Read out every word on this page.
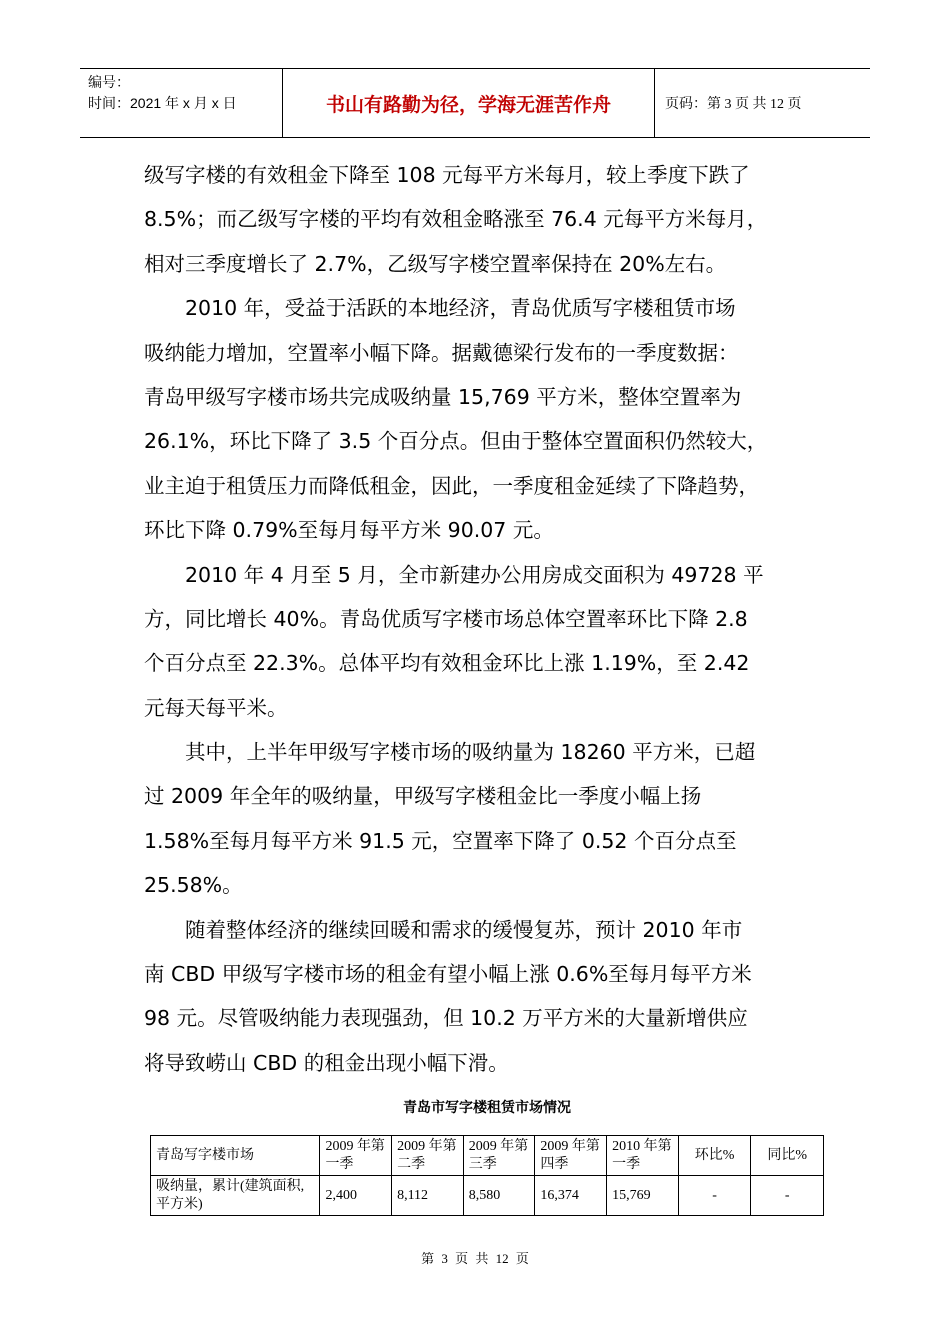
编号：
时间：2021 年 x 月 x 日	书山有路勤为径，学海无涯苦作舟	页码：第 3 页 共 12 页
级写字楼的有效租金下降至 108 元每平方米每月，较上季度下跌了
8.5%；而乙级写字楼的平均有效租金略涨至 76.4 元每平方米每月，
相对三季度增长了 2.7%，乙级写字楼空置率保持在 20%左右。
　　2010 年，受益于活跃的本地经济，青岛优质写字楼租赁市场
吸纳能力增加，空置率小幅下降。据戴德梁行发布的一季度数据：
青岛甲级写字楼市场共完成吸纳量 15,769 平方米，整体空置率为
26.1%，环比下降了 3.5 个百分点。但由于整体空置面积仍然较大，
业主迫于租赁压力而降低租金，因此，一季度租金延续了下降趋势，
环比下降 0.79%至每月每平方米 90.07 元。
　　2010 年 4 月至 5 月，全市新建办公用房成交面积为 49728 平
方，同比增长 40%。青岛优质写字楼市场总体空置率环比下降 2.8
个百分点至 22.3%。总体平均有效租金环比上涨 1.19%，至 2.42
元每天每平米。
　　其中，上半年甲级写字楼市场的吸纳量为 18260 平方米，已超
过 2009 年全年的吸纳量，甲级写字楼租金比一季度小幅上扬
1.58%至每月每平方米 91.5 元，空置率下降了 0.52 个百分点至
25.58%。
　　随着整体经济的继续回暖和需求的缓慢复苏，预计 2010 年市
南 CBD 甲级写字楼市场的租金有望小幅上涨 0.6%至每月每平方米
98 元。尽管吸纳能力表现强劲，但 10.2 万平方米的大量新增供应
将导致崂山 CBD 的租金出现小幅下滑。
青岛市写字楼租赁市场情况
青岛写字楼市场	2009 年第一季	2009 年第二季	2009 年第三季	2009 年第四季	2010 年第一季	环比%	同比%
吸纳量，累计(建筑面积,平方米)	2,400	8,112	8,580	16,374	15,769	-	-
第 3 页 共 12 页
